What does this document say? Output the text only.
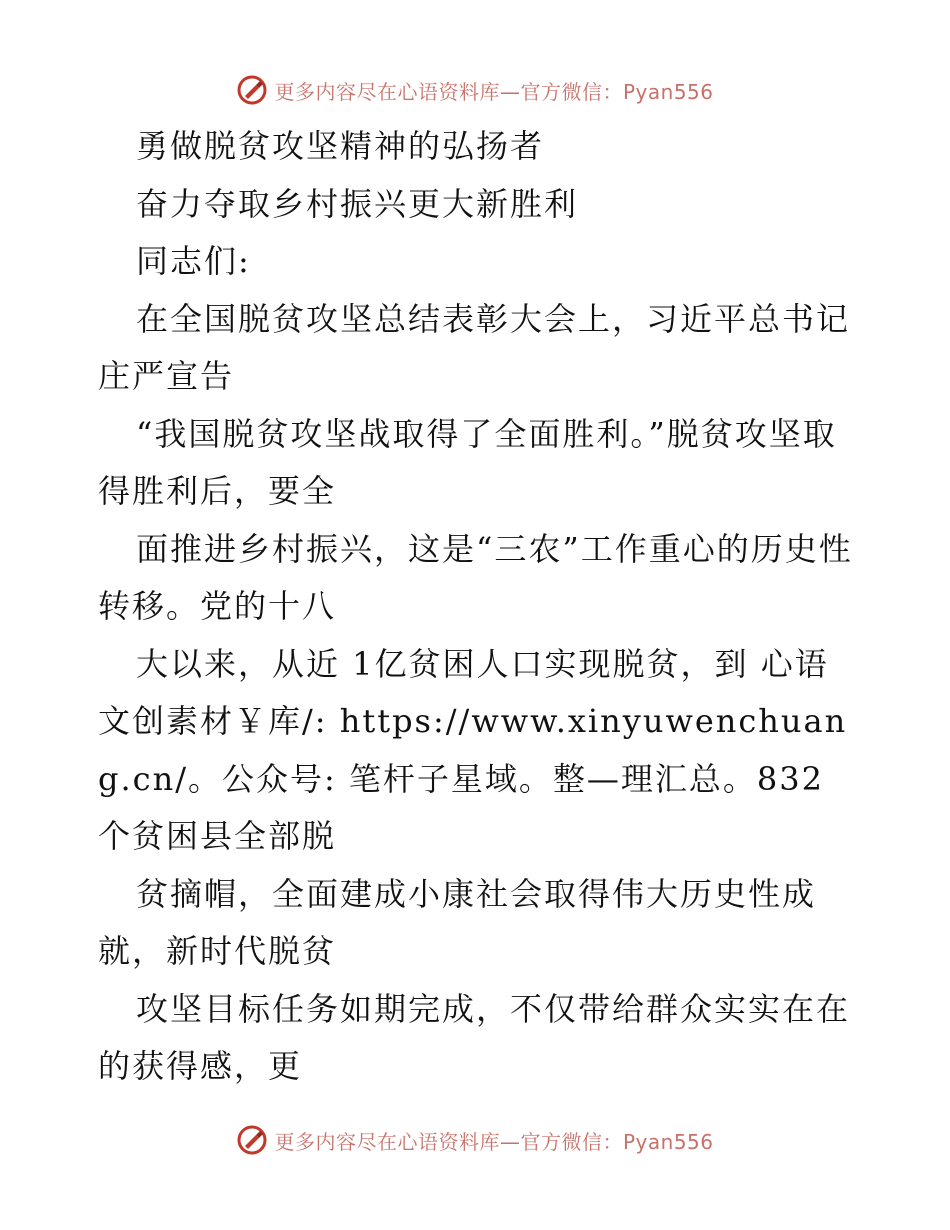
更多内容尽在心语资料库—官方微信：Pyan556

勇做脱贫攻坚精神的弘扬者

奋力夺取乡村振兴更大新胜利

同志们:

在全国脱贫攻坚总结表彰大会上，习近平总书记庄严宣告

“我国脱贫攻坚战取得了全面胜利。”脱贫攻坚取得胜利后，要全

面推进乡村振兴，这是“三农”工作重心的历史性转移。党的十八

大以来，从近 1亿贫困人口实现脱贫，到 心语文创素材￥库/: https://www.xinyuwenchuang.cn/。公众号: 笔杆子星域。整—理汇总。832 个贫困县全部脱

贫摘帽，全面建成小康社会取得伟大历史性成就，新时代脱贫

攻坚目标任务如期完成，不仅带给群众实实在在的获得感，更

更多内容尽在心语资料库—官方微信：Pyan556
